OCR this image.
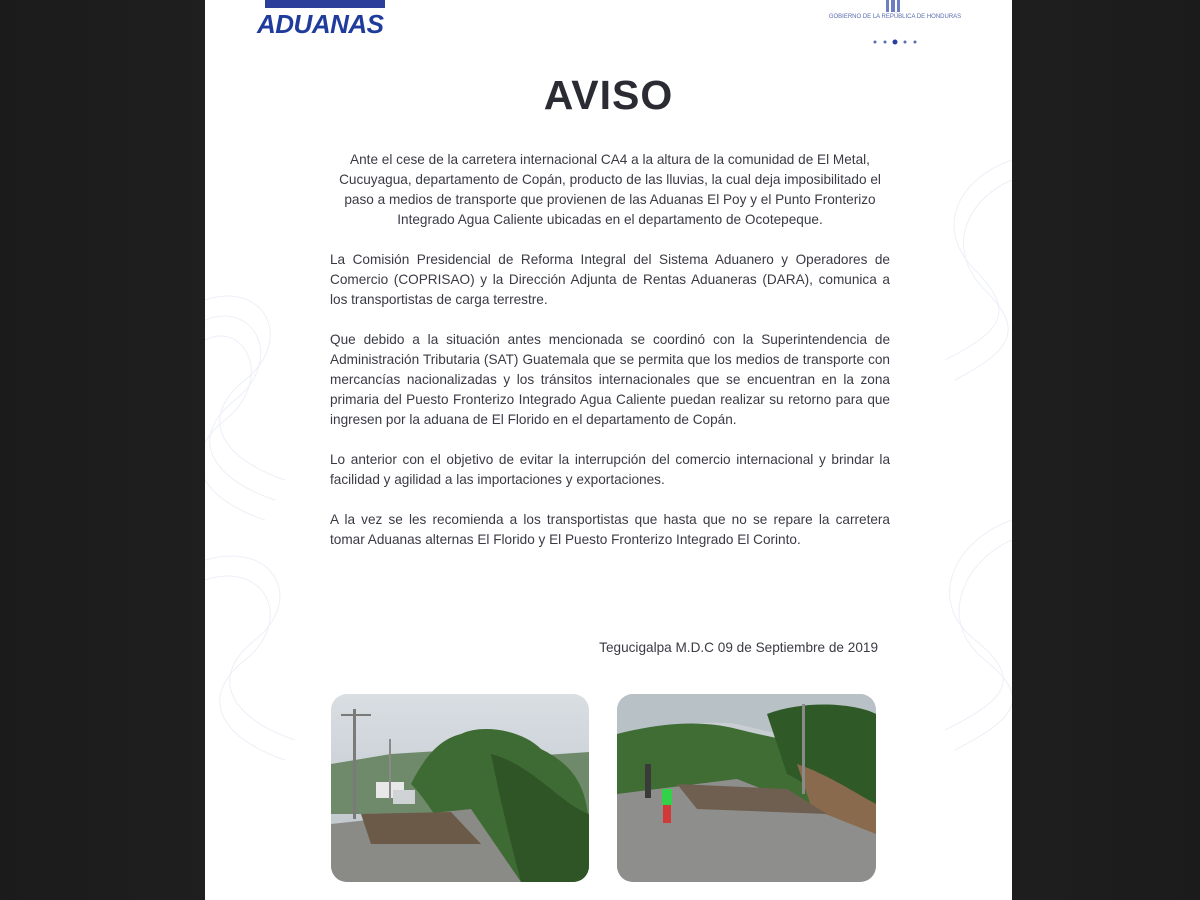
ADUANAS	GOBIERNO DE LA REPÚBLICA DE HONDURAS
AVISO

Ante el cese de la carretera internacional CA4 a la altura de la comunidad de El Metal, Cucuyagua, departamento de Copán, producto de las lluvias, la cual deja imposibilitado el paso a medios de transporte que provienen de las Aduanas El Poy y el Punto Fronterizo Integrado Agua Caliente ubicadas en el departamento de Ocotepeque.

La Comisión Presidencial de Reforma Integral del Sistema Aduanero y Operadores de Comercio (COPRISAO) y la Dirección Adjunta de Rentas Aduaneras (DARA), comunica a los transportistas de carga terrestre.

Que debido a la situación antes mencionada se coordinó con la Superintendencia de Administración Tributaria (SAT) Guatemala que se permita que los medios de transporte con mercancías nacionalizadas y los tránsitos internacionales que se encuentran en la zona primaria del Puesto Fronterizo Integrado Agua Caliente puedan realizar su retorno para que ingresen por la aduana de El Florido en el departamento de Copán.

Lo anterior con el objetivo de evitar la interrupción del comercio internacional y brindar la facilidad y agilidad a las importaciones y exportaciones.

A la vez se les recomienda a los transportistas que hasta que no se repare la carretera tomar Aduanas alternas El Florido y El Puesto Fronterizo Integrado El Corinto.

Tegucigalpa M.D.C 09 de Septiembre de 2019
